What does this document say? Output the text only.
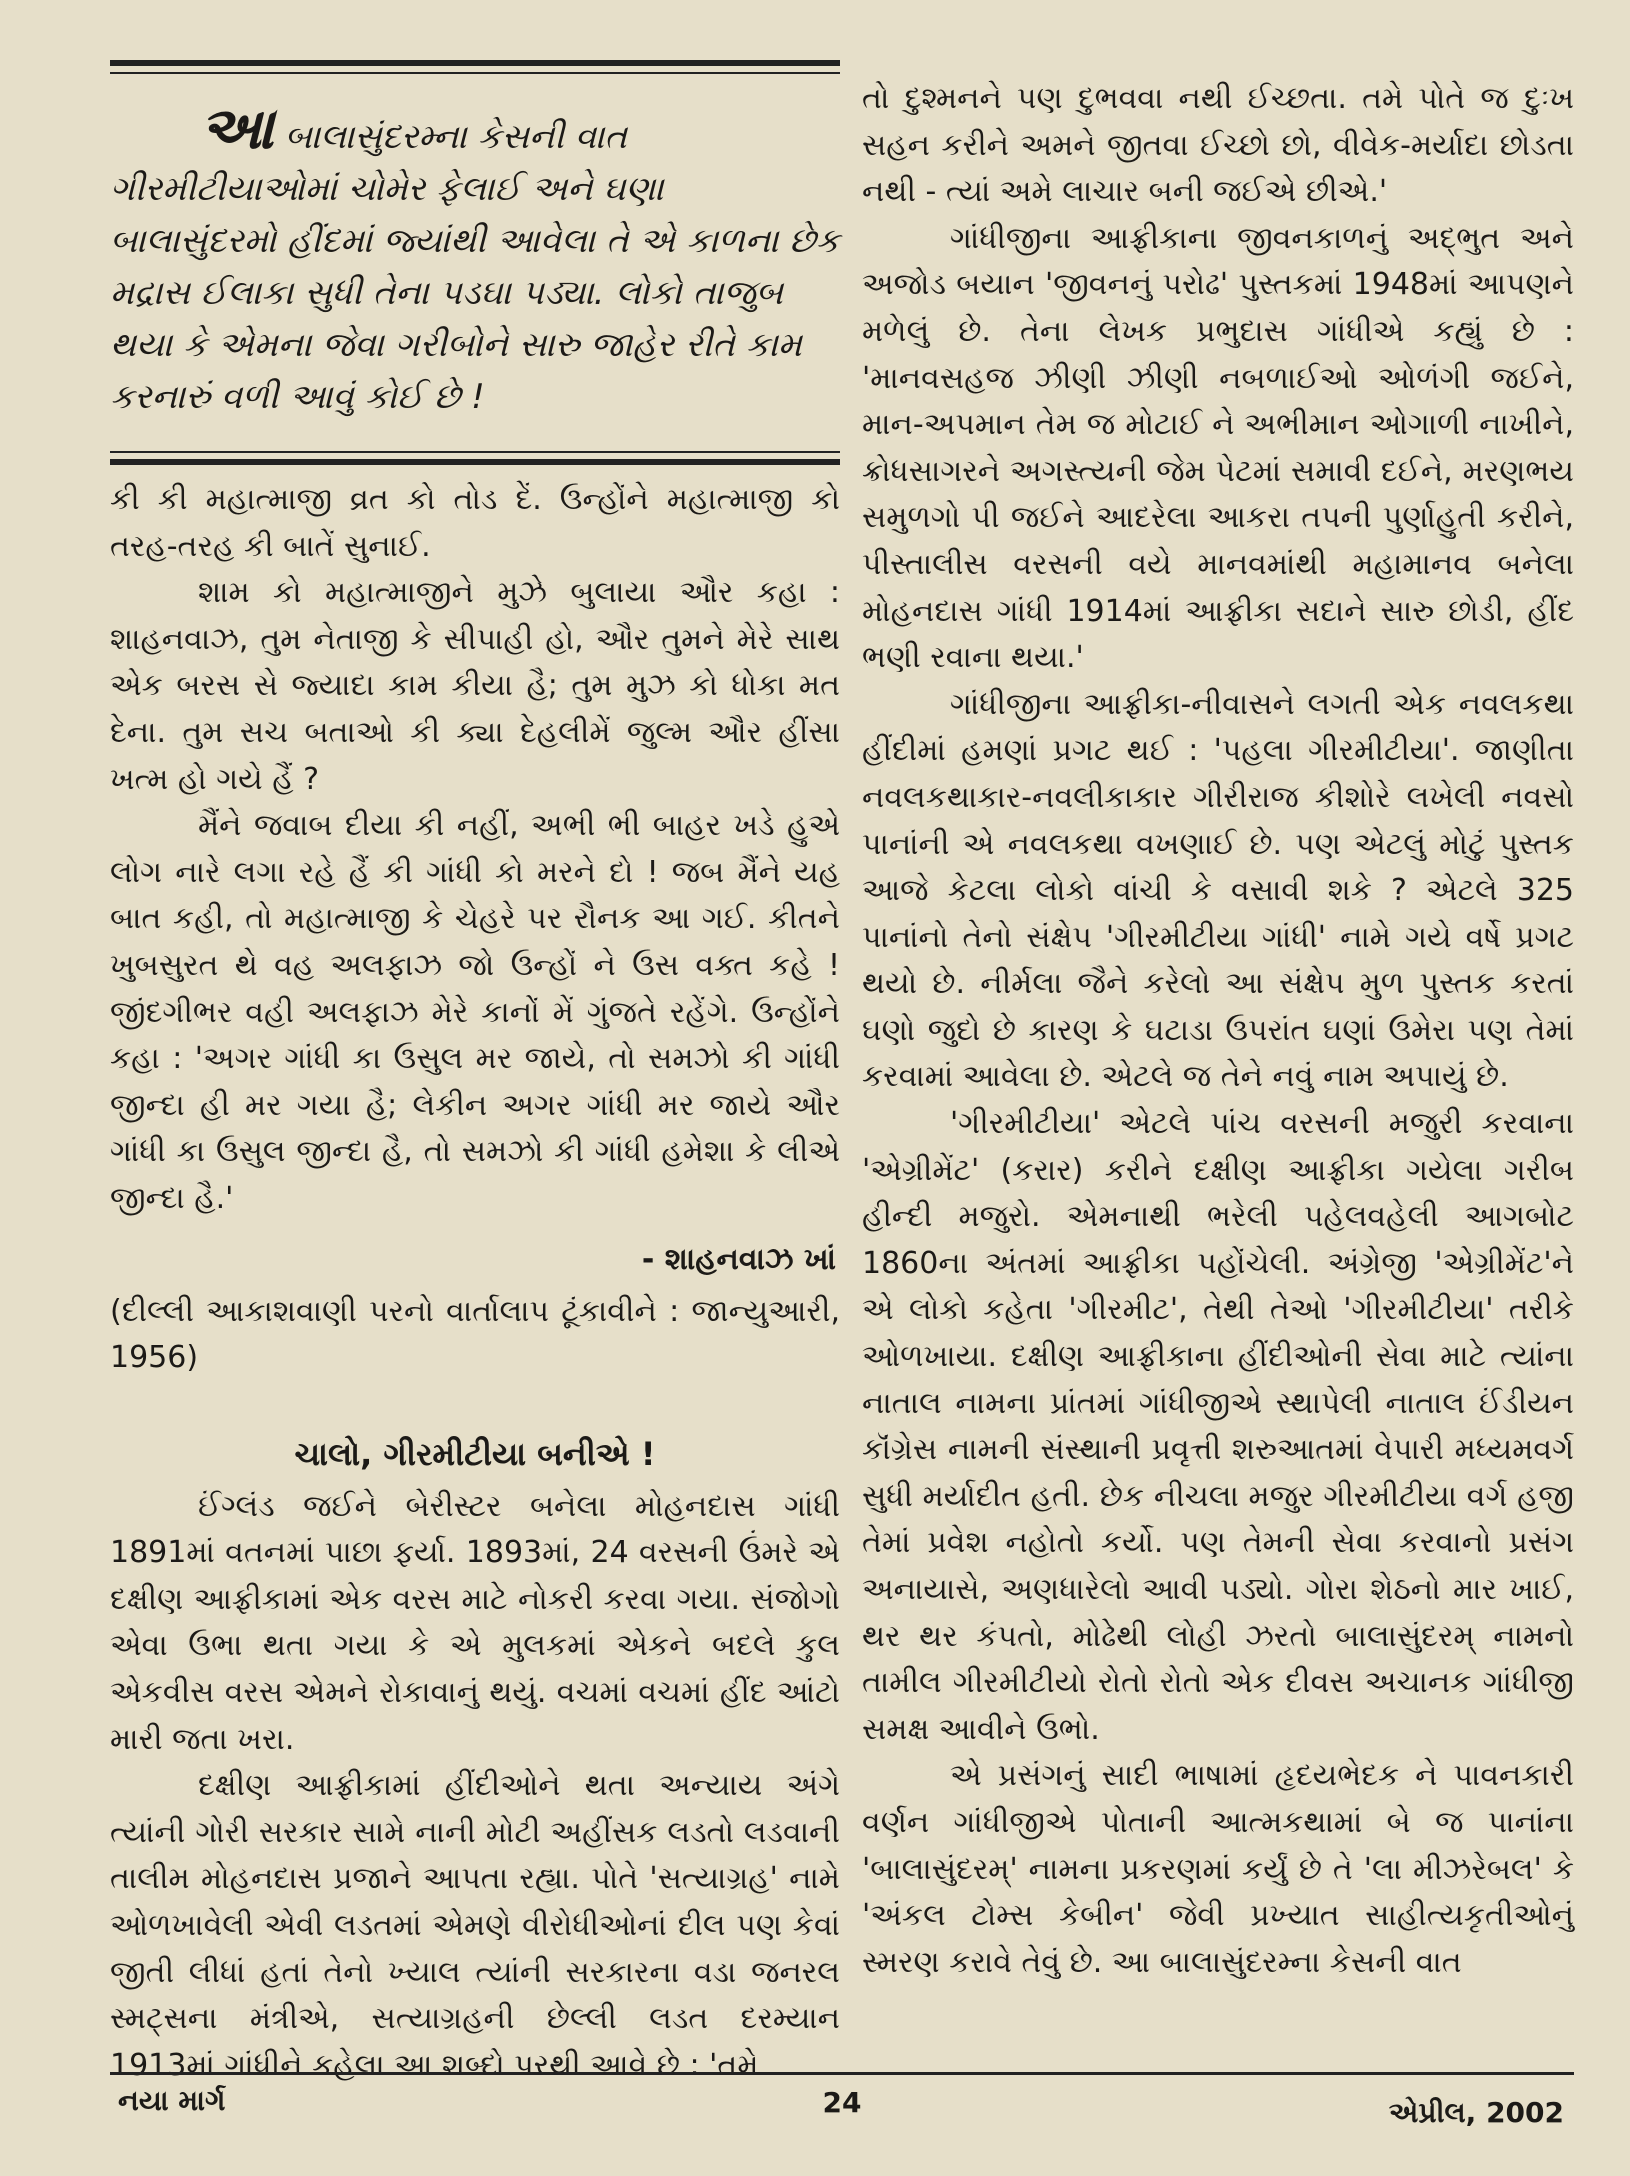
આ બાલાસુંદરમ્ના કેસની વાત ગીરમીટીયાઓમાં ચોમેર ફેલાઈ અને ઘણા બાલાસુંદરમો હીંદમાં જ્યાંથી આવેલા તે એ કાળના છેક મદ્રાસ ઈલાકા સુધી તેના પડઘા પડ્યા. લોકો તાજુબ થયા કે એમના જેવા ગરીબોને સારુ જાહેર રીતે કામ કરનારું વળી આવું કોઈ છે !

કી કી મહાત્માજી વ્રત કો તોડ દેં. ઉન્હોંને મહાત્માજી કો તરહ-તરહ કી બાતેં સુનાઈ.

શામ કો મહાત્માજીને મુઝે બુલાયા ઔર કહા : શાહનવાઝ, તુમ નેતાજી કે સીપાહી હો, ઔર તુમને મેરે સાથ એક બરસ સે જ્યાદા કામ કીયા હૈ; તુમ મુઝ કો ધોકા મત દેના. તુમ સચ બતાઓ કી ક્યા દેહલીમેં જુલ્મ ઔર હીંસા ખત્મ હો ગયે હૈં ?

મૈંને જવાબ દીયા કી નહીં, અભી ભી બાહર ખડે હુએ લોગ નારે લગા રહે હૈં કી ગાંધી કો મરને દો ! જબ મૈંને યહ બાત કહી, તો મહાત્માજી કે ચેહરે પર રૌનક આ ગઈ. કીતને ખુબસુરત થે વહ અલફાઝ જો ઉન્હોં ને ઉસ વક્ત કહે ! જીંદગીભર વહી અલફાઝ મેરે કાનોં મેં ગુંજતે રહેંગે. ઉન્હોંને કહા : 'અગર ગાંધી કા ઉસુલ મર જાયે, તો સમઝો કી ગાંધી જીન્દા હી મર ગયા હૈ; લેકીન અગર ગાંધી મર જાયે ઔર ગાંધી કા ઉસુલ જીન્દા હૈ, તો સમઝો કી ગાંધી હમેશા કે લીએ જીન્દા હૈ.'

- શાહનવાઝ ખાં

(દીલ્લી આકાશવાણી પરનો વાર્તાલાપ ટૂંકાવીને : જાન્યુઆરી, 1956)

ચાલો, ગીરમીટીયા બનીએ !

ઈંગ્લંડ જઈને બેરીસ્ટર બનેલા મોહનદાસ ગાંધી 1891માં વતનમાં પાછા ફર્યા. 1893માં, 24 વરસની ઉંમરે એ દક્ષીણ આફ્રીકામાં એક વરસ માટે નોકરી કરવા ગયા. સંજોગો એવા ઉભા થતા ગયા કે એ મુલકમાં એકને બદલે કુલ એકવીસ વરસ એમને રોકાવાનું થયું. વચમાં વચમાં હીંદ આંટો મારી જતા ખરા.

દક્ષીણ આફ્રીકામાં હીંદીઓને થતા અન્યાય અંગે ત્યાંની ગોરી સરકાર સામે નાની મોટી અહીંસક લડતો લડવાની તાલીમ મોહનદાસ પ્રજાને આપતા રહ્યા. પોતે 'સત્યાગ્રહ' નામે ઓળખાવેલી એવી લડતમાં એમણે વીરોધીઓનાં દીલ પણ કેવાં જીતી લીધાં હતાં તેનો ખ્યાલ ત્યાંની સરકારના વડા જનરલ સ્મટ્સના મંત્રીએ, સત્યાગ્રહની છેલ્લી લડત દરમ્યાન 1913માં ગાંધીને કહેલા આ શબ્દો પરથી આવે છે : 'તમે

તો દુશ્મનને પણ દુભવવા નથી ઈચ્છતા. તમે પોતે જ દુઃખ સહન કરીને અમને જીતવા ઈચ્છો છો, વીવેક-મર્યાદા છોડતા નથી - ત્યાં અમે લાચાર બની જઈએ છીએ.'

ગાંધીજીના આફ્રીકાના જીવનકાળનું અદ્ભુત અને અજોડ બયાન 'જીવનનું પરોઢ' પુસ્તકમાં 1948માં આપણને મળેલું છે. તેના લેખક પ્રભુદાસ ગાંધીએ કહ્યું છે : 'માનવસહજ ઝીણી ઝીણી નબળાઈઓ ઓળંગી જઈને, માન-અપમાન તેમ જ મોટાઈ ને અભીમાન ઓગાળી નાખીને, ક્રોધસાગરને અગસ્ત્યની જેમ પેટમાં સમાવી દઈને, મરણભય સમુળગો પી જઈને આદરેલા આકરા તપની પુર્ણાહુતી કરીને, પીસ્તાલીસ વરસની વયે માનવમાંથી મહામાનવ બનેલા મોહનદાસ ગાંધી 1914માં આફ્રીકા સદાને સારુ છોડી, હીંદ ભણી રવાના થયા.'

ગાંધીજીના આફ્રીકા-નીવાસને લગતી એક નવલકથા હીંદીમાં હમણાં પ્રગટ થઈ : 'પહલા ગીરમીટીયા'. જાણીતા નવલકથાકાર-નવલીકાકાર ગીરીરાજ કીશોરે લખેલી નવસો પાનાંની એ નવલકથા વખણાઈ છે. પણ એટલું મોટું પુસ્તક આજે કેટલા લોકો વાંચી કે વસાવી શકે ? એટલે 325 પાનાંનો તેનો સંક્ષેપ 'ગીરમીટીયા ગાંધી' નામે ગયે વર્ષે પ્રગટ થયો છે. નીર્મલા જૈને કરેલો આ સંક્ષેપ મુળ પુસ્તક કરતાં ઘણો જુદો છે કારણ કે ઘટાડા ઉપરાંત ઘણાં ઉમેરા પણ તેમાં કરવામાં આવેલા છે. એટલે જ તેને નવું નામ અપાયું છે.

'ગીરમીટીયા' એટલે પાંચ વરસની મજુરી કરવાના 'એગ્રીમેંટ' (કરાર) કરીને દક્ષીણ આફ્રીકા ગયેલા ગરીબ હીન્દી મજુરો. એમનાથી ભરેલી પહેલવહેલી આગબોટ 1860ના અંતમાં આફ્રીકા પહોંચેલી. અંગ્રેજી 'એગ્રીમેંટ'ને એ લોકો કહેતા 'ગીરમીટ', તેથી તેઓ 'ગીરમીટીયા' તરીકે ઓળખાયા. દક્ષીણ આફ્રીકાના હીંદીઓની સેવા માટે ત્યાંના નાતાલ નામના પ્રાંતમાં ગાંધીજીએ સ્થાપેલી નાતાલ ઈંડીયન કૉંગ્રેસ નામની સંસ્થાની પ્રવૃત્તી શરુઆતમાં વેપારી મધ્યમવર્ગ સુધી મર્યાદીત હતી. છેક નીચલા મજુર ગીરમીટીયા વર્ગ હજી તેમાં પ્રવેશ નહોતો કર્યો. પણ તેમની સેવા કરવાનો પ્રસંગ અનાયાસે, અણધારેલો આવી પડ્યો. ગોરા શેઠનો માર ખાઈ, થર થર કંપતો, મોઢેથી લોહી ઝરતો બાલાસુંદરમ્ નામનો તામીલ ગીરમીટીયો રોતો રોતો એક દીવસ અચાનક ગાંધીજી સમક્ષ આવીને ઉભો.

એ પ્રસંગનું સાદી ભાષામાં હૃદયભેદક ને પાવનકારી વર્ણન ગાંધીજીએ પોતાની આત્મકથામાં બે જ પાનાંના 'બાલાસુંદરમ્' નામના પ્રકરણમાં કર્યું છે તે 'લા મીઝરેબલ' કે 'અંકલ ટોમ્સ કેબીન' જેવી પ્રખ્યાત સાહીત્યકૃતીઓનું સ્મરણ કરાવે તેવું છે. આ બાલાસુંદરમ્ના કેસની વાત

નયા માર્ગ	24	એપ્રીલ, 2002
